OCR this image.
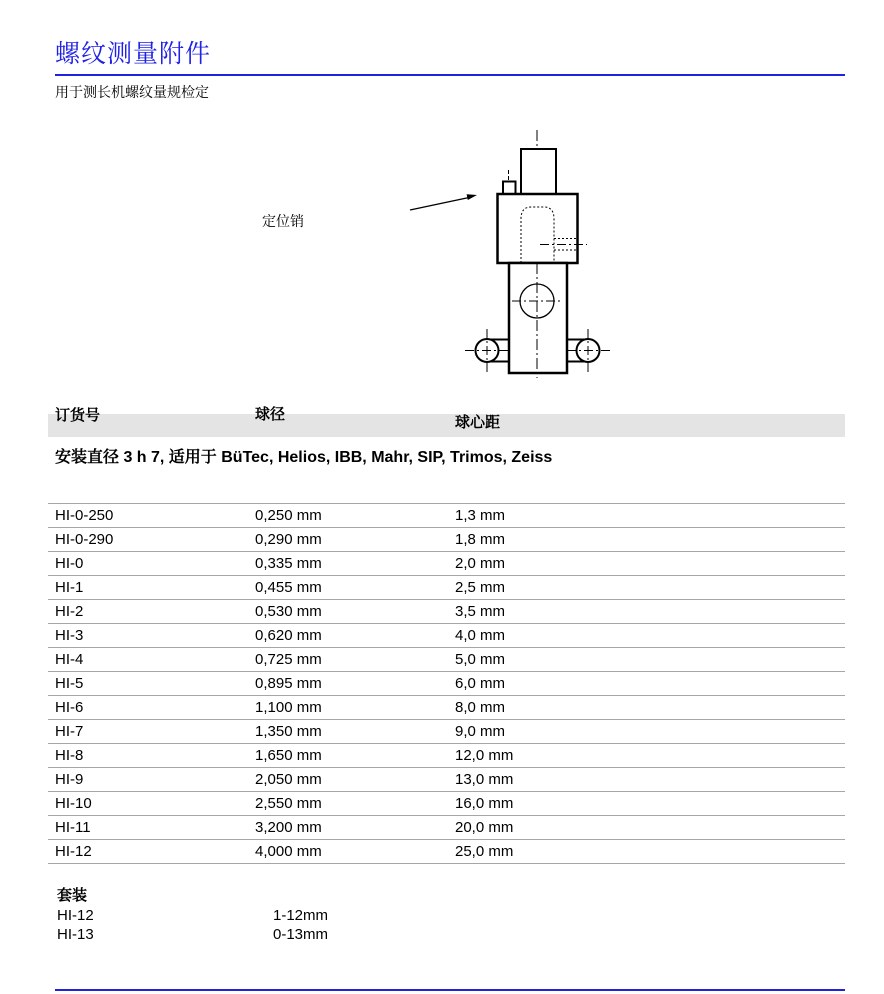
螺纹测量附件
用于测长机螺纹量规检定
定位销
订货号	球径	球心距
安装直径 3 h 7, 适用于 BüTec, Helios, IBB, Mahr, SIP, Trimos, Zeiss
HI-0-250	0,250 mm	1,3 mm
HI-0-290	0,290 mm	1,8 mm
HI-0	0,335 mm	2,0 mm
HI-1	0,455 mm	2,5 mm
HI-2	0,530 mm	3,5 mm
HI-3	0,620 mm	4,0 mm
HI-4	0,725 mm	5,0 mm
HI-5	0,895 mm	6,0 mm
HI-6	1,100 mm	8,0 mm
HI-7	1,350 mm	9,0 mm
HI-8	1,650 mm	12,0 mm
HI-9	2,050 mm	13,0 mm
HI-10	2,550 mm	16,0 mm
HI-11	3,200 mm	20,0 mm
HI-12	4,000 mm	25,0 mm
套装
HI-12	1-12mm
HI-13	0-13mm
